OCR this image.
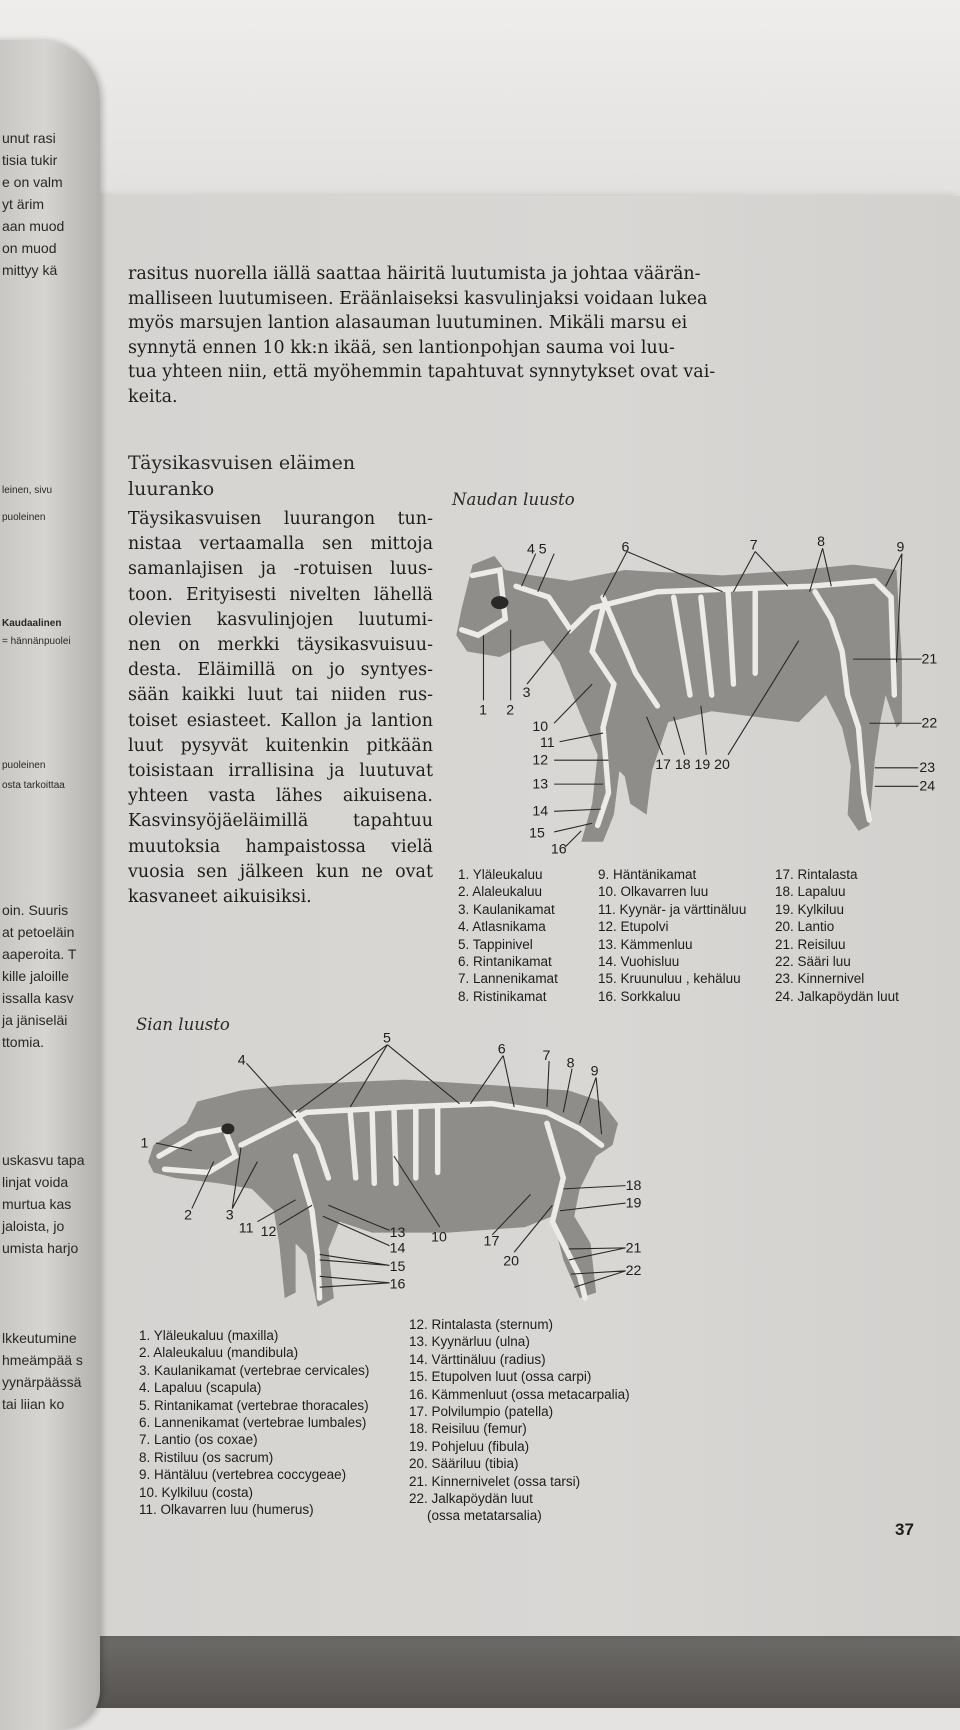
unut rasi
tisia tukir
e on valm
yt ärim
aan muod
on muod
mittyy kä
leinen, sivu
puoleinen
Kaudaalinen
= hännänpuolei
puoleinen
osta tarkoittaa
oin. Suuris
at petoeläin
aaperoita. T
kille jaloille
issalla kasv
ja jäniseläi
ttomia.
uskasvu tapa
linjat voida
murtua kas
jaloista, jo
umista harjo
lkkeutumine
hmeämpää s
yynärpäässä
tai liian ko
rasitus nuorella iällä saattaa häiritä luutumista ja johtaa väärän-
malliseen luutumiseen. Eräänlaiseksi kasvulinjaksi voidaan lukea
myös marsujen lantion alasauman luutuminen. Mikäli marsu ei
synnytä ennen 10 kk:n ikää, sen lantionpohjan sauma voi luu-
tua yhteen niin, että myöhemmin tapahtuvat synnytykset ovat vai-
keita.
Täysikasvuisen eläimen
luuranko
Täysikasvuisen luurangon tun-
nistaa vertaamalla sen mittoja
samanlajisen ja -rotuisen luus-
toon. Erityisesti nivelten lähellä
olevien kasvulinjojen luutumi-
nen on merkki täysikasvuisuu-
desta. Eläimillä on jo syntyes-
sään kaikki luut tai niiden rus-
toiset esiasteet. Kallon ja lantion
luut pysyvät kuitenkin pitkään
toisistaan irrallisina ja luutuvat
yhteen vasta lähes aikuisena.
Kasvinsyöjäeläimillä tapahtuu
muutoksia hampaistossa vielä
vuosia sen jälkeen kun ne ovat
kasvaneet aikuisiksi.
Naudan luusto
4 5	6	7	8	9
21
22
23
24
1 2
3
10
11
12
13
14
15
16
17 18 19 20
1. Yläleukaluu
2. Alaleukaluu
3. Kaulanikamat
4. Atlasnikama
5. Tappinivel
6. Rintanikamat
7. Lannenikamat
8. Ristinikamat
9. Häntänikamat
10. Olkavarren luu
11. Kyynär- ja värttinäluu
12. Etupolvi
13. Kämmenluu
14. Vuohisluu
15. Kruunuluu , kehäluu
16. Sorkkaluu
17. Rintalasta
18. Lapaluu
19. Kylkiluu
20. Lantio
21. Reisiluu
22. Sääri luu
23. Kinnernivel
24. Jalkapöydän luut
Sian luusto
1
2	3
4
5
6	7 8 9
11 12	13
14
15
16
10	17
20
18
19
21
22
1. Yläleukaluu (maxilla)
2. Alaleukaluu (mandibula)
3. Kaulanikamat (vertebrae cervicales)
4. Lapaluu (scapula)
5. Rintanikamat (vertebrae thoracales)
6. Lannenikamat (vertebrae lumbales)
7. Lantio (os coxae)
8. Ristiluu (os sacrum)
9. Häntäluu (vertebrea coccygeae)
10. Kylkiluu (costa)
11. Olkavarren luu (humerus)
12. Rintalasta (sternum)
13. Kyynärluu (ulna)
14. Värttinäluu (radius)
15. Etupolven luut (ossa carpi)
16. Kämmenluut (ossa metacarpalia)
17. Polvilumpio (patella)
18. Reisiluu (femur)
19. Pohjeluu (fibula)
20. Sääriluu (tibia)
21. Kinnernivelet (ossa tarsi)
22. Jalkapöydän luut
(ossa metatarsalia)
37
